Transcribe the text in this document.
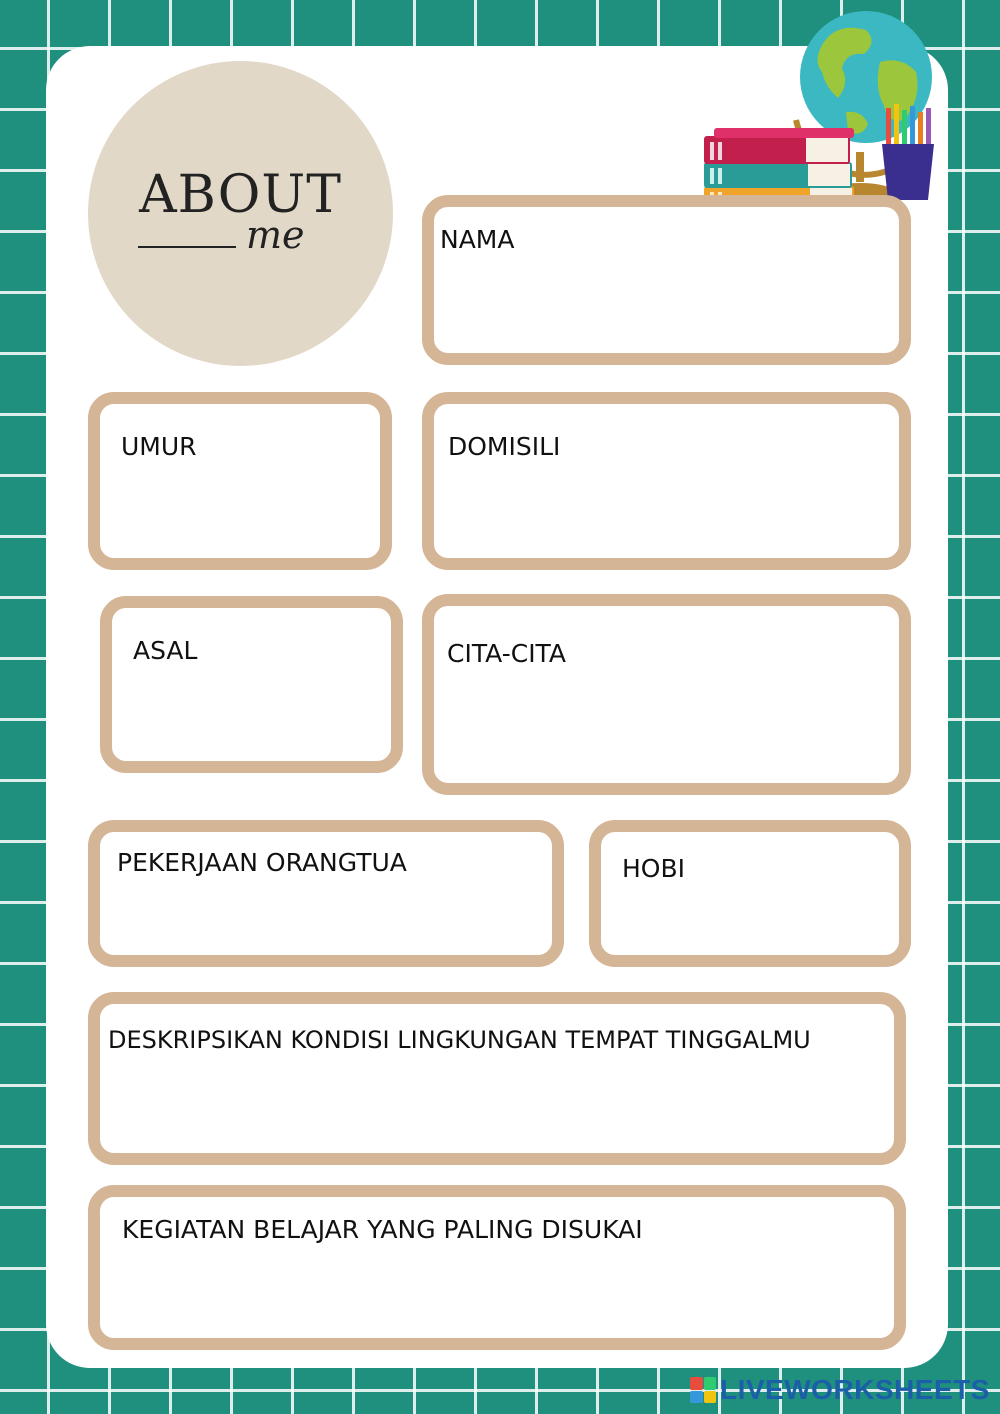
ABOUT
me	NAMA
UMUR	DOMISILI
ASAL	CITA-CITA
PEKERJAAN ORANGTUA	HOBI
DESKRIPSIKAN KONDISI LINGKUNGAN TEMPAT TINGGALMU
KEGIATAN BELAJAR YANG PALING DISUKAI
LIVEWORKSHEETS
